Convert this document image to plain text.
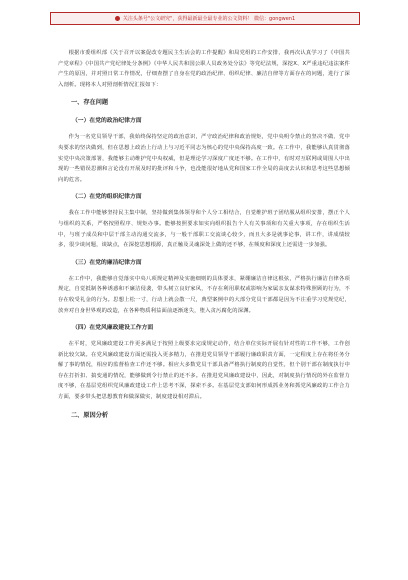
关注头条号"公文研究"，获得最新最全最专业的公文资料！ 微信：gongwen1

根据市委组织部《关于召开以案促改专题民主生活会的工作提醒》和局党组的工作安排，我再次认真学习了《中国共产党章程》《中国共产党纪律处分条例》《中华人民共和国公职人员政务处分法》等党纪法规，深挖X、X严重违纪违法案件产生的原因，并对照日常工作情况，仔细查摆了自身在党的政治纪律、组织纪律、廉洁自律等方面存在的问题，进行了深入剖析。现将本人对照剖析情况汇报如下：

一、存在问题
（一）在党的政治纪律方面

作为一名党员领导干部，我始终保持坚定的政治意识，严守政治纪律和政治规矩，党中央明令禁止的坚决不做、党中央要求的坚决做到，但在思想上政治上行动上与习近平同志为核心的党中央保持高度一致。在工作中，我能够认真贯彻落实党中央决策部署，我能够主动维护党中央权威，但是理论学习深度广度还不够。在工作中，有时对互联网或周围人中出现的一些错误思潮和言论没有开展及时的批评和斗争，也没能很好地从党和国家工作全局的高度去认识和思考这些思想倾向的危害。

（二）在党的组织纪律方面

我在工作中能够坚持民主集中制，坚持做到集体领导和个人分工相结合，自觉维护班子团结服从组织安排，摆正个人与组织的关系，严格按照程序、规矩办事。能够按照要求如实向组织报告个人有关事项和有关重大事项，存在组织生活中，与班子成员和中层干部主动沟通交流多，与一般干部职工交流谈心较少，而且大多是就事论事，讲工作，讲成绩较多，很少谈问题，谈缺点，在深挖思想根源，真正触及灵魂深处上做的还不够，在频度和深度上还需进一步加强。

（三）在党的廉洁纪律方面

在工作中，我能够自觉落实中央八项规定精神及实施细则的具体要求，紧绷廉洁自律这根弦，严格执行廉洁自律各项规定，自觉抵制各种诱惑和不廉洁侵袭，带头树立良好家风，不存在利用职权或影响为家属亲友谋求特殊照顾的行为，不存在收受礼金的行为。思想上松一寸，行动上就会散一尺，典型案例中的大部分党员干部都是因为不注重学习党规党纪，放弃对自身世界观的改造，在各种物质利益面前逐渐迷失，堕入贪污腐化的深渊。

（四）在党风廉政建设工作方面

在平时，党风廉政建设工作更多满足于按照上级要求完成规定动作，结合单位实际开展有针对性的工作不够，工作创新比较欠缺。在党风廉政建设方面还需投入更多精力，在推进党员领导干部履行廉政职责方面，一定程度上存在将任务分解了事的情况，相应的监督检查工作还不够。相应大多数党员干部具备严格执行制度的自觉性，但个别干部在制度执行中存在打折扣、搞变通的情况，能够做到令行禁止的还不多。在推进党风廉政建设中，因此，对制度执行情况的外在监督力度不够，在基层党组织党风廉政建设工作上思考不深，探索不多。在基层党支部如何形成抓业务和抓党风廉政的工作合力方面，要多带头把思想教育和做深做实，制度建设相对滞后。

二、原因分析
